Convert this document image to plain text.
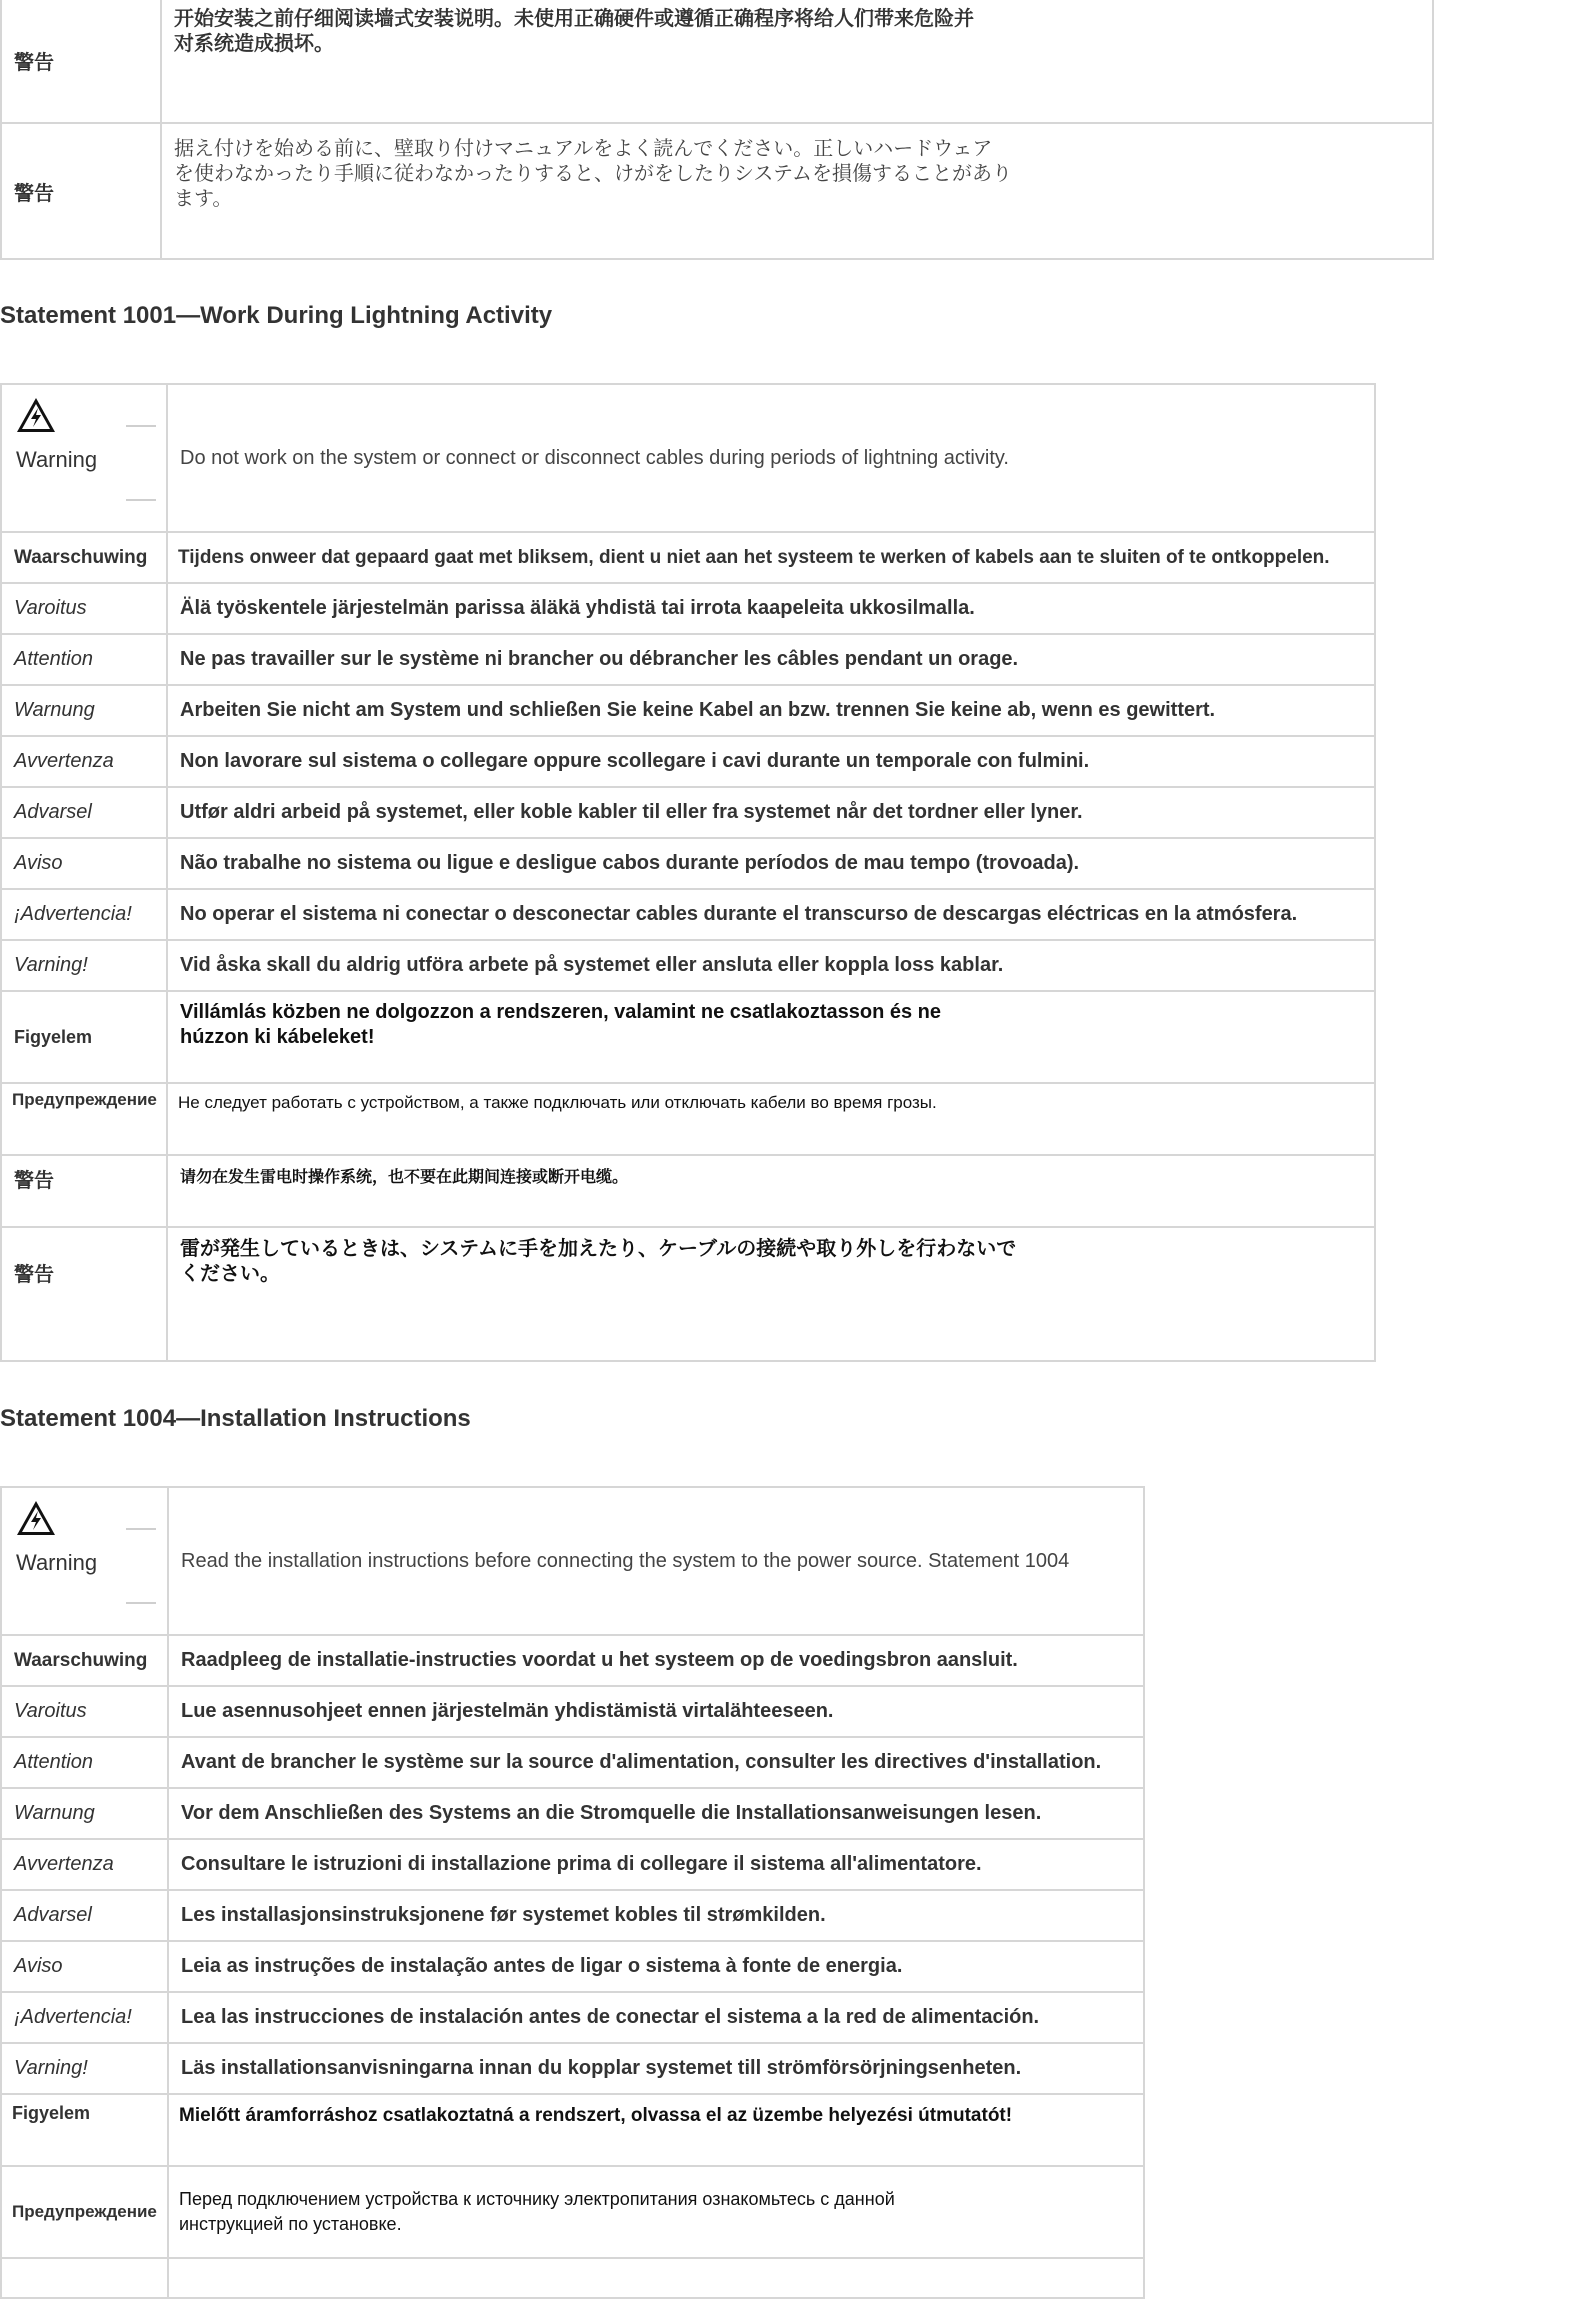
警告	开始安装之前仔细阅读墙式安装说明。未使用正确硬件或遵循正确程序将给人们带来危险并对系统造成损坏。
警告	据え付けを始める前に、壁取り付けマニュアルをよく読んでください。正しいハードウェアを使わなかったり手順に従わなかったりすると、けがをしたりシステムを損傷することがあります。
Statement 1001—Work During Lightning Activity
Warning	Do not work on the system or connect or disconnect cables during periods of lightning activity.
Waarschuwing	Tijdens onweer dat gepaard gaat met bliksem, dient u niet aan het systeem te werken of kabels aan te sluiten of te ontkoppelen.
Varoitus	Älä työskentele järjestelmän parissa äläkä yhdistä tai irrota kaapeleita ukkosilmalla.
Attention	Ne pas travailler sur le système ni brancher ou débrancher les câbles pendant un orage.
Warnung	Arbeiten Sie nicht am System und schließen Sie keine Kabel an bzw. trennen Sie keine ab, wenn es gewittert.
Avvertenza	Non lavorare sul sistema o collegare oppure scollegare i cavi durante un temporale con fulmini.
Advarsel	Utfør aldri arbeid på systemet, eller koble kabler til eller fra systemet når det tordner eller lyner.
Aviso	Não trabalhe no sistema ou ligue e desligue cabos durante períodos de mau tempo (trovoada).
¡Advertencia!	No operar el sistema ni conectar o desconectar cables durante el transcurso de descargas eléctricas en la atmósfera.
Varning!	Vid åska skall du aldrig utföra arbete på systemet eller ansluta eller koppla loss kablar.
Figyelem	Villámlás közben ne dolgozzon a rendszeren, valamint ne csatlakoztasson és ne húzzon ki kábeleket!
Предупреждение	Не следует работать с устройством, а также подключать или отключать кабели во время грозы.
警告	请勿在发生雷电时操作系统，也不要在此期间连接或断开电缆。
警告	雷が発生しているときは、システムに手を加えたり、ケーブルの接続や取り外しを行わないでください。
Statement 1004—Installation Instructions
Warning	Read the installation instructions before connecting the system to the power source. Statement 1004
Waarschuwing	Raadpleeg de installatie-instructies voordat u het systeem op de voedingsbron aansluit.
Varoitus	Lue asennusohjeet ennen järjestelmän yhdistämistä virtalähteeseen.
Attention	Avant de brancher le système sur la source d'alimentation, consulter les directives d'installation.
Warnung	Vor dem Anschließen des Systems an die Stromquelle die Installationsanweisungen lesen.
Avvertenza	Consultare le istruzioni di installazione prima di collegare il sistema all'alimentatore.
Advarsel	Les installasjonsinstruksjonene før systemet kobles til strømkilden.
Aviso	Leia as instruções de instalação antes de ligar o sistema à fonte de energia.
¡Advertencia!	Lea las instrucciones de instalación antes de conectar el sistema a la red de alimentación.
Varning!	Läs installationsanvisningarna innan du kopplar systemet till strömförsörjningsenheten.
Figyelem	Mielőtt áramforráshoz csatlakoztatná a rendszert, olvassa el az üzembe helyezési útmutatót!
Предупреждение	Перед подключением устройства к источнику электропитания ознакомьтесь с данной инструкцией по установке.
